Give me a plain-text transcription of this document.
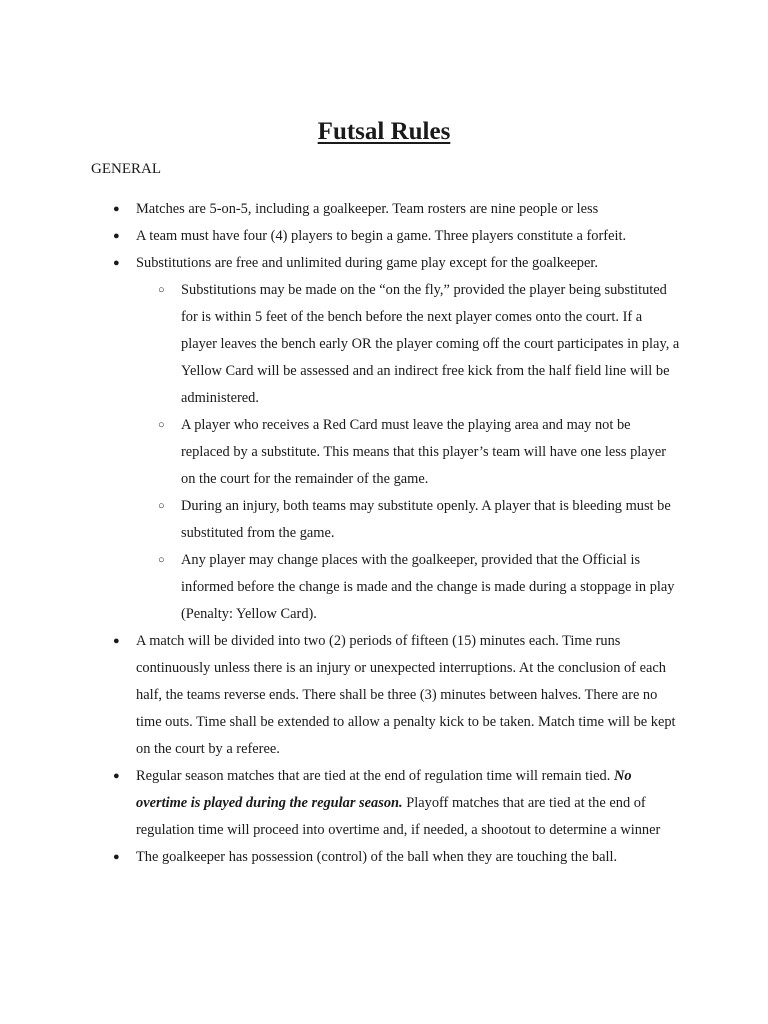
Futsal Rules
GENERAL
● Matches are 5-on-5, including a goalkeeper. Team rosters are nine people or less
● A team must have four (4) players to begin a game. Three players constitute a forfeit.
● Substitutions are free and unlimited during game play except for the goalkeeper.
○ Substitutions may be made on the “on the fly,” provided the player being substituted for is within 5 feet of the bench before the next player comes onto the court. If a player leaves the bench early OR the player coming off the court participates in play, a Yellow Card will be assessed and an indirect free kick from the half field line will be administered.
○ A player who receives a Red Card must leave the playing area and may not be replaced by a substitute. This means that this player’s team will have one less player on the court for the remainder of the game.
○ During an injury, both teams may substitute openly. A player that is bleeding must be substituted from the game.
○ Any player may change places with the goalkeeper, provided that the Official is informed before the change is made and the change is made during a stoppage in play (Penalty: Yellow Card).
● A match will be divided into two (2) periods of fifteen (15) minutes each. Time runs continuously unless there is an injury or unexpected interruptions. At the conclusion of each half, the teams reverse ends. There shall be three (3) minutes between halves. There are no time outs. Time shall be extended to allow a penalty kick to be taken. Match time will be kept on the court by a referee.
● Regular season matches that are tied at the end of regulation time will remain tied. No overtime is played during the regular season. Playoff matches that are tied at the end of regulation time will proceed into overtime and, if needed, a shootout to determine a winner
● The goalkeeper has possession (control) of the ball when they are touching the ball.
